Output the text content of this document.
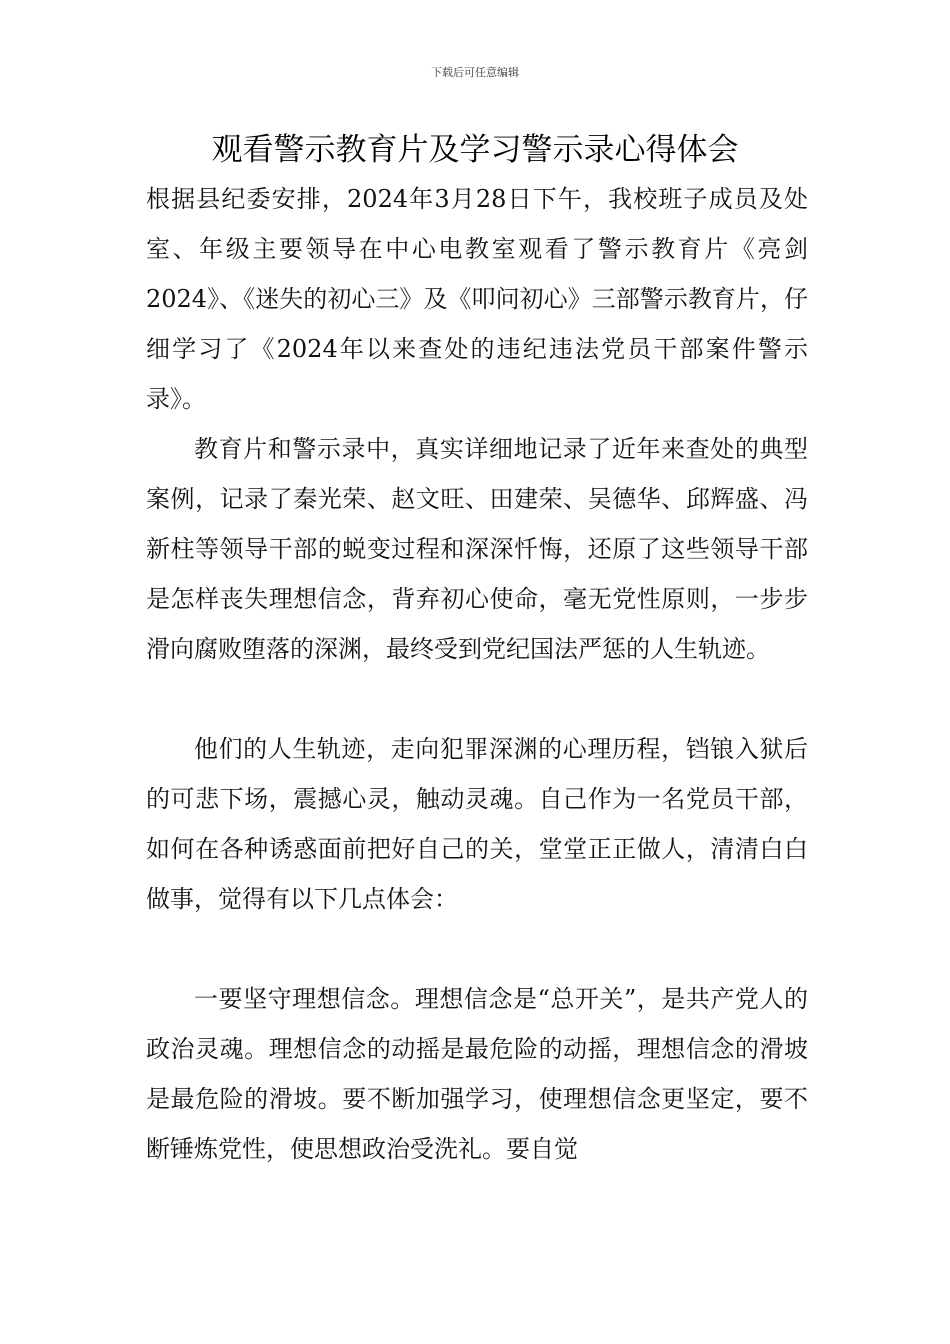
下载后可任意编辑
观看警示教育片及学习警示录心得体会

根据县纪委安排，2024年3月28日下午，我校班子成员及处室、年级主要领导在中心电教室观看了警示教育片《亮剑2024》、《迷失的初心三》及《叩问初心》三部警示教育片，仔细学习了《2024年以来查处的违纪违法党员干部案件警示录》。

教育片和警示录中，真实详细地记录了近年来查处的典型案例，记录了秦光荣、赵文旺、田建荣、吴德华、邱辉盛、冯新柱等领导干部的蜕变过程和深深忏悔，还原了这些领导干部是怎样丧失理想信念，背弃初心使命，毫无党性原则，一步步滑向腐败堕落的深渊，最终受到党纪国法严惩的人生轨迹。

他们的人生轨迹，走向犯罪深渊的心理历程，铛锒入狱后的可悲下场，震撼心灵，触动灵魂。自己作为一名党员干部，如何在各种诱惑面前把好自己的关，堂堂正正做人，清清白白做事，觉得有以下几点体会：

一要坚守理想信念。理想信念是“总开关”，是共产党人的政治灵魂。理想信念的动摇是最危险的动摇，理想信念的滑坡是最危险的滑坡。要不断加强学习，使理想信念更坚定，要不断锤炼党性，使思想政治受洗礼。要自觉
